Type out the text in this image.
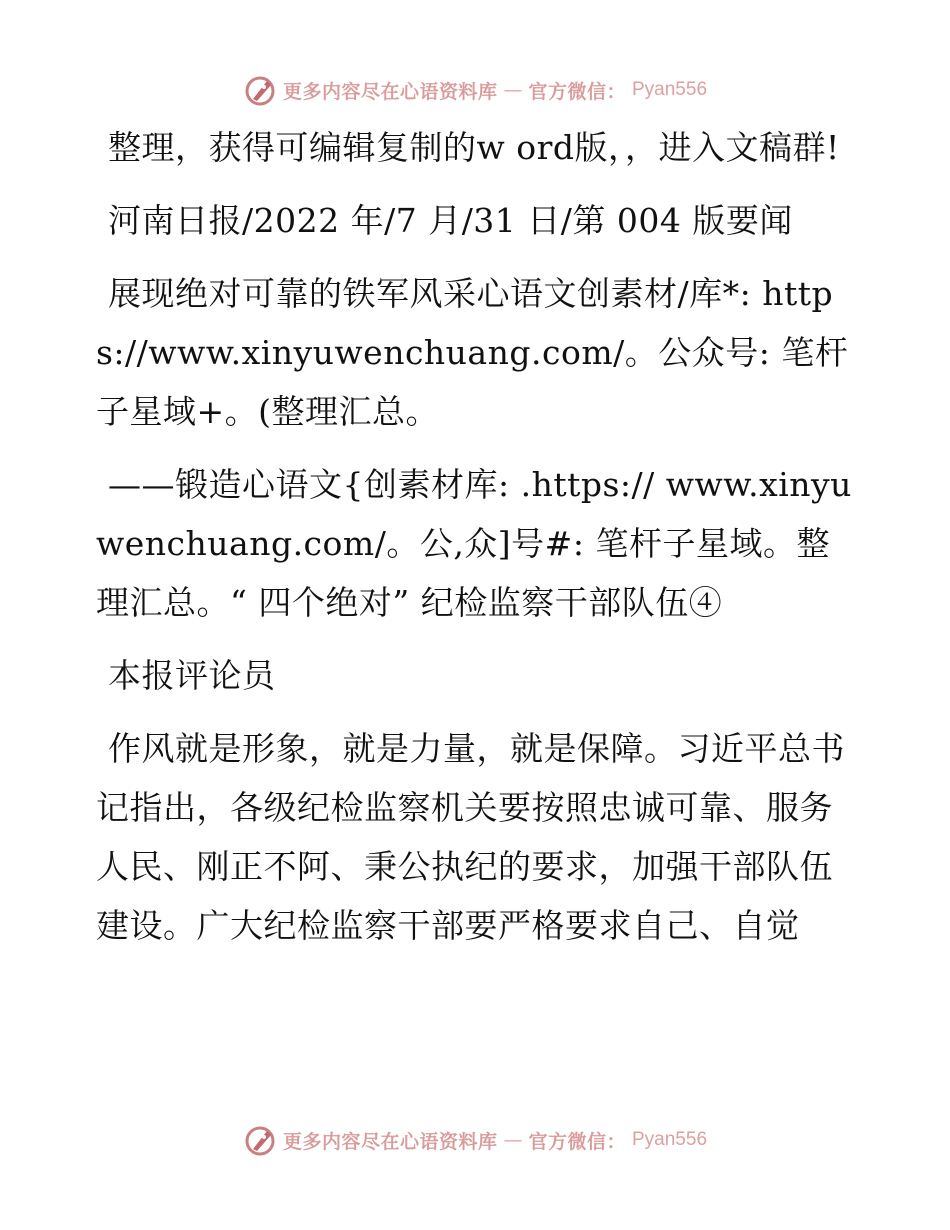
更多内容尽在心语资料库 — 官方微信： Pyan556

整理，获得可编辑复制的w ord版，，进入文稿群!

河南日报/2022 年/7 月/31 日/第 004 版要闻

展现绝对可靠的铁军风采心语文创素材/库*: https://www.xinyuwenchuang.com/。公众号: 笔杆子星域+。(整理汇总。

——锻造心语文{创素材库: .https:// www.xinyuwenchuang.com/。公,众]号#: 笔杆子星域。整理汇总。“ 四个绝对” 纪检监察干部队伍④

本报评论员

作风就是形象，就是力量，就是保障。习近平总书记指出，各级纪检监察机关要按照忠诚可靠、服务人民、刚正不阿、秉公执纪的要求，加强干部队伍建设。广大纪检监察干部要严格要求自己、自觉

更多内容尽在心语资料库 — 官方微信： Pyan556
